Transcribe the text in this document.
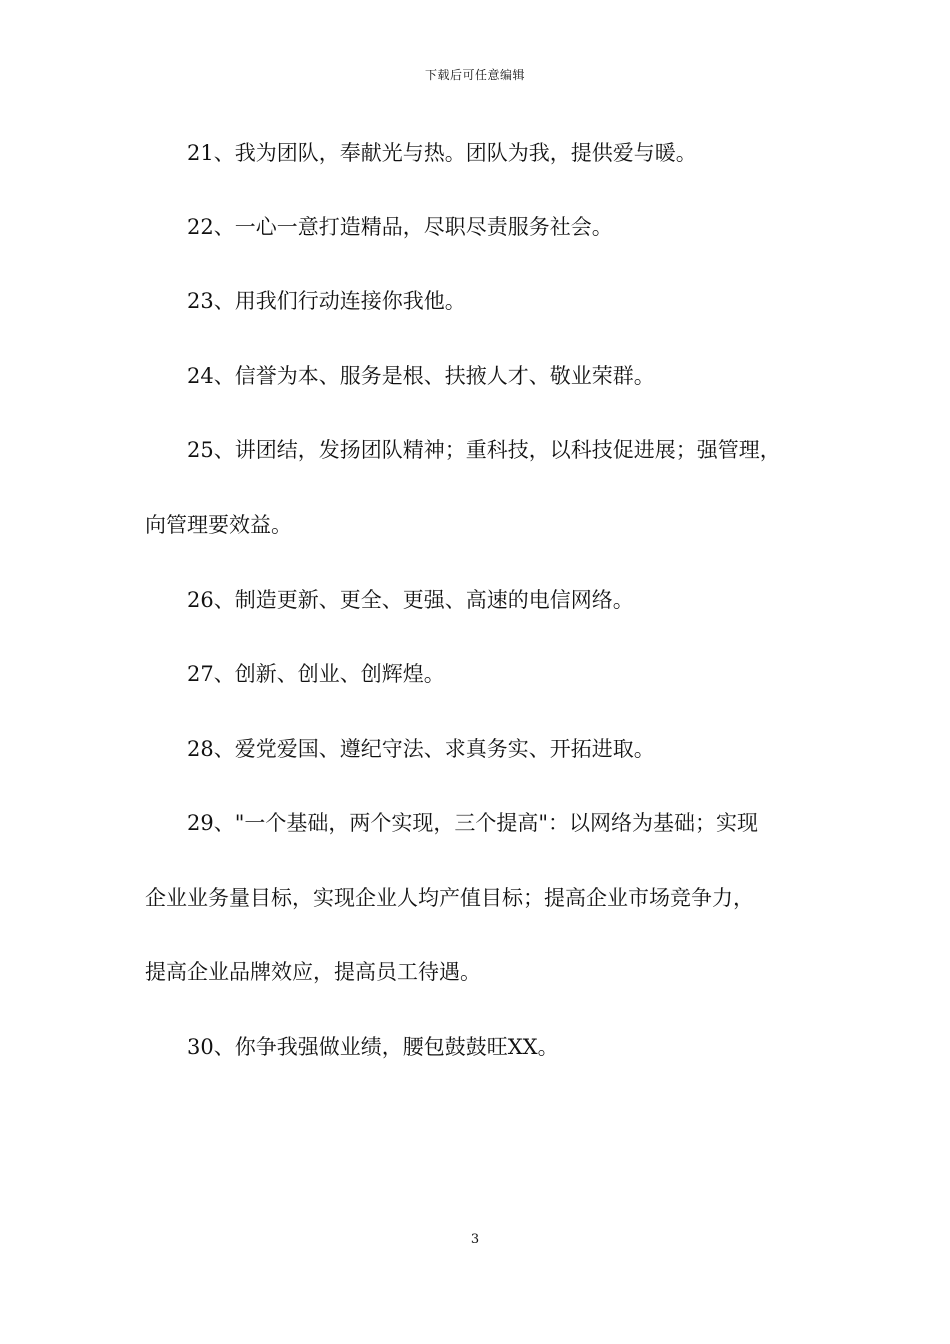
下载后可任意编辑
21、我为团队，奉献光与热。团队为我，提供爱与暖。
22、一心一意打造精品，尽职尽责服务社会。
23、用我们行动连接你我他。
24、信誉为本、服务是根、扶掖人才、敬业荣群。
25、讲团结，发扬团队精神；重科技，以科技促进展；强管理，
向管理要效益。
26、制造更新、更全、更强、高速的电信网络。
27、创新、创业、创辉煌。
28、爱党爱国、遵纪守法、求真务实、开拓进取。
29、"一个基础，两个实现，三个提高"：以网络为基础；实现
企业业务量目标，实现企业人均产值目标；提高企业市场竞争力，
提高企业品牌效应，提高员工待遇。
30、你争我强做业绩，腰包鼓鼓旺XX。
3
